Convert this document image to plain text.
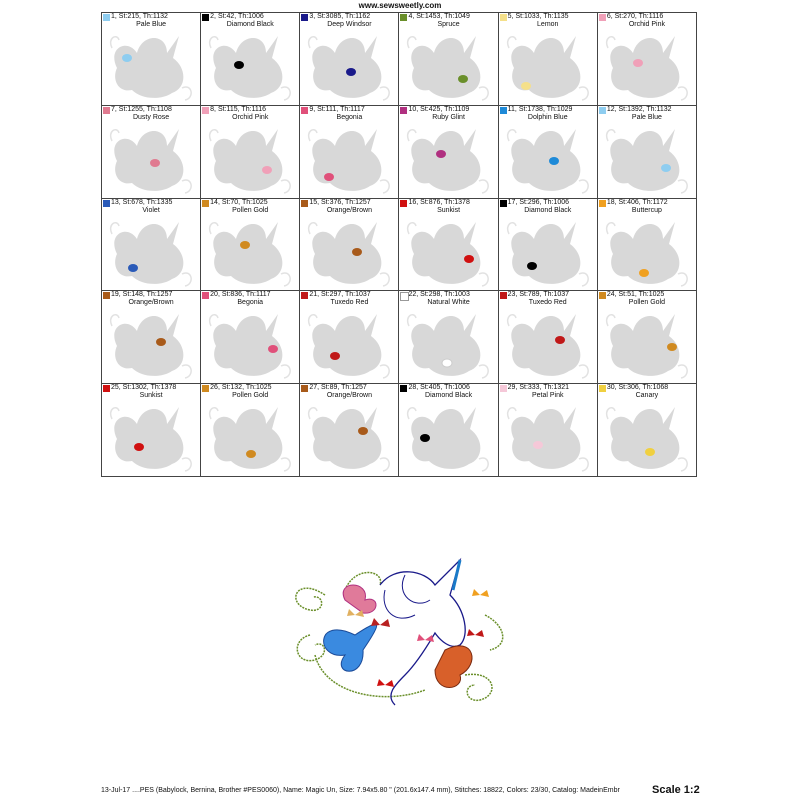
www.sewsweetly.com
1, St:215, Th:1132
Pale Blue
2, St:42, Th:1006
Diamond Black
3, St:3085, Th:1162
Deep Windsor
4, St:1453, Th:1049
Spruce
5, St:1033, Th:1135
Lemon
6, St:270, Th:1116
Orchid Pink
7, St:1255, Th:1108
Dusty Rose
8, St:115, Th:1116
Orchid Pink
9, St:111, Th:1117
Begonia
10, St:425, Th:1109
Ruby Glint
11, St:1738, Th:1029
Dolphin Blue
12, St:1392, Th:1132
Pale Blue
13, St:678, Th:1335
Violet
14, St:70, Th:1025
Pollen Gold
15, St:376, Th:1257
Orange/Brown
16, St:876, Th:1378
Sunkist
17, St:296, Th:1006
Diamond Black
18, St:406, Th:1172
Buttercup
19, St:148, Th:1257
Orange/Brown
20, St:836, Th:1117
Begonia
21, St:297, Th:1037
Tuxedo Red
22, St:298, Th:1003
Natural White
23, St:789, Th:1037
Tuxedo Red
24, St:51, Th:1025
Pollen Gold
25, St:1302, Th:1378
Sunkist
26, St:132, Th:1025
Pollen Gold
27, St:89, Th:1257
Orange/Brown
28, St:405, Th:1006
Diamond Black
29, St:333, Th:1321
Petal Pink
30, St:306, Th:1068
Canary
13-Jul-17 ....PES (Babylock, Bernina, Brother #PES0060), Name: Magic Un, Size: 7.94x5.80 " (201.6x147.4 mm), Stitches: 18822, Colors: 23/30, Catalog: MadeinEmbr	Scale 1:2
